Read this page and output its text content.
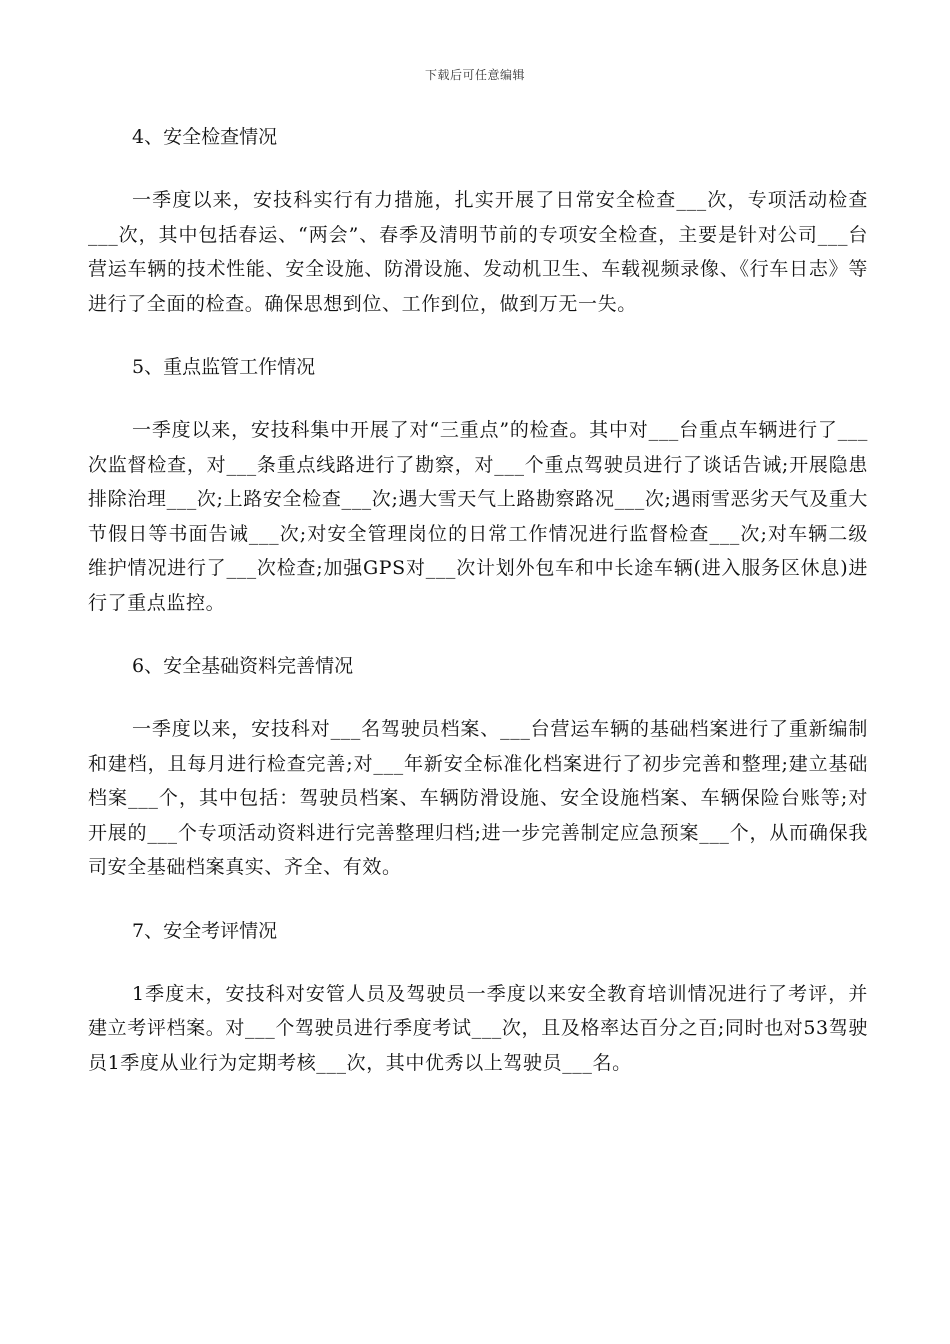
下载后可任意编辑

4、安全检查情况

一季度以来，安技科实行有力措施，扎实开展了日常安全检查___次，专项活动检查___次，其中包括春运、“两会”、春季及清明节前的专项安全检查，主要是针对公司___台营运车辆的技术性能、安全设施、防滑设施、发动机卫生、车载视频录像、《行车日志》等进行了全面的检查。确保思想到位、工作到位，做到万无一失。

5、重点监管工作情况

一季度以来，安技科集中开展了对“三重点”的检查。其中对___台重点车辆进行了___次监督检查，对___条重点线路进行了勘察，对___个重点驾驶员进行了谈话告诫;开展隐患排除治理___次;上路安全检查___次;遇大雪天气上路勘察路况___次;遇雨雪恶劣天气及重大节假日等书面告诫___次;对安全管理岗位的日常工作情况进行监督检查___次;对车辆二级维护情况进行了___次检查;加强GPS对___次计划外包车和中长途车辆(进入服务区休息)进行了重点监控。

6、安全基础资料完善情况

一季度以来，安技科对___名驾驶员档案、___台营运车辆的基础档案进行了重新编制和建档，且每月进行检查完善;对___年新安全标准化档案进行了初步完善和整理;建立基础档案___个，其中包括：驾驶员档案、车辆防滑设施、安全设施档案、车辆保险台账等;对开展的___个专项活动资料进行完善整理归档;进一步完善制定应急预案___个，从而确保我司安全基础档案真实、齐全、有效。

7、安全考评情况

1季度末，安技科对安管人员及驾驶员一季度以来安全教育培训情况进行了考评，并建立考评档案。对___个驾驶员进行季度考试___次，且及格率达百分之百;同时也对53驾驶员1季度从业行为定期考核___次，其中优秀以上驾驶员___名。
